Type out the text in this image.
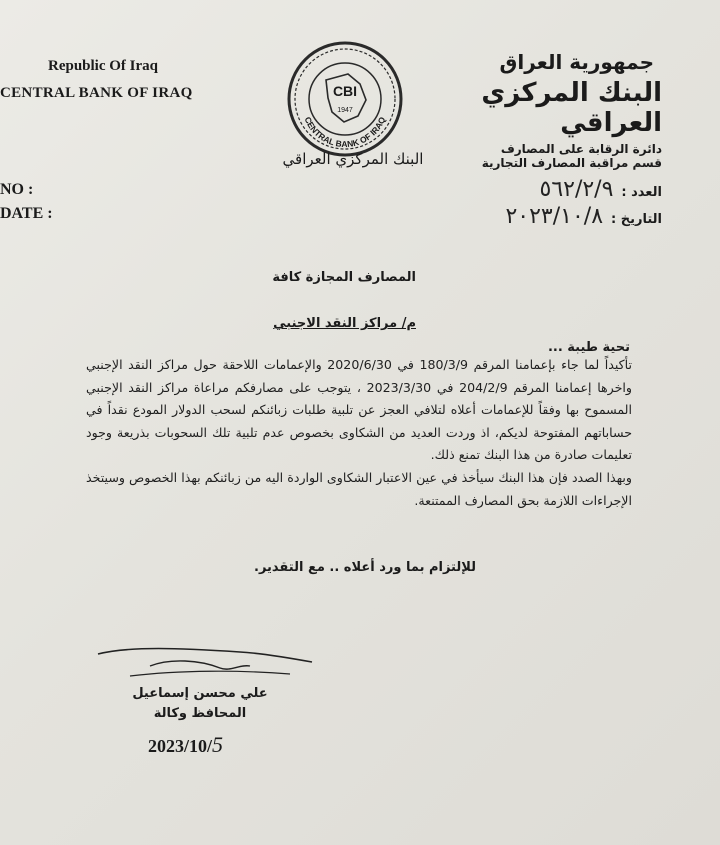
Republic Of Iraq
CENTRAL BANK OF IRAQ
NO :
DATE :
CBI
1947
CENTRAL BANK OF IRAQ
البنك المركزي العراقي
جمهورية العراق
البنك المركزي العراقي
دائرة الرقابة على المصارف
قسم مراقبة المصارف التجارية
العدد :٥٦٢/٢/٩
التاريخ :٢٠٢٣/١٠/٨
المصارف المجازة كافة
م/ مراكز النقد الاجنبي
تحية طيبة ...

تأكيداً لما جاء بإعمامنا المرقم 180/3/9 في 2020/6/30 والإعمامات اللاحقة حول مراكز النقد الإجنبي واخرها إعمامنا المرقم 204/2/9 في 2023/3/30 ، يتوجب على مصارفكم مراعاة مراكز النقد الإجنبي المسموح بها وفقاً للإعمامات أعلاه لتلافي العجز عن تلبية طلبات زبائنكم لسحب الدولار المودع نقداً في حساباتهم المفتوحة لديكم، اذ وردت العديد من الشكاوى بخصوص عدم تلبية تلك السحوبات بذريعة وجود تعليمات صادرة من هذا البنك تمنع ذلك.

وبهذا الصدد فإن هذا البنك سيأخذ في عين الاعتبار الشكاوى الواردة اليه من زبائنكم بهذا الخصوص وسيتخذ الإجراءات اللازمة بحق المصارف الممتنعة.

للإلتزام بما ورد أعلاه .. مع التقدير.
علي محسن إسماعيل
المحافظ وكالة
2023/10/5
